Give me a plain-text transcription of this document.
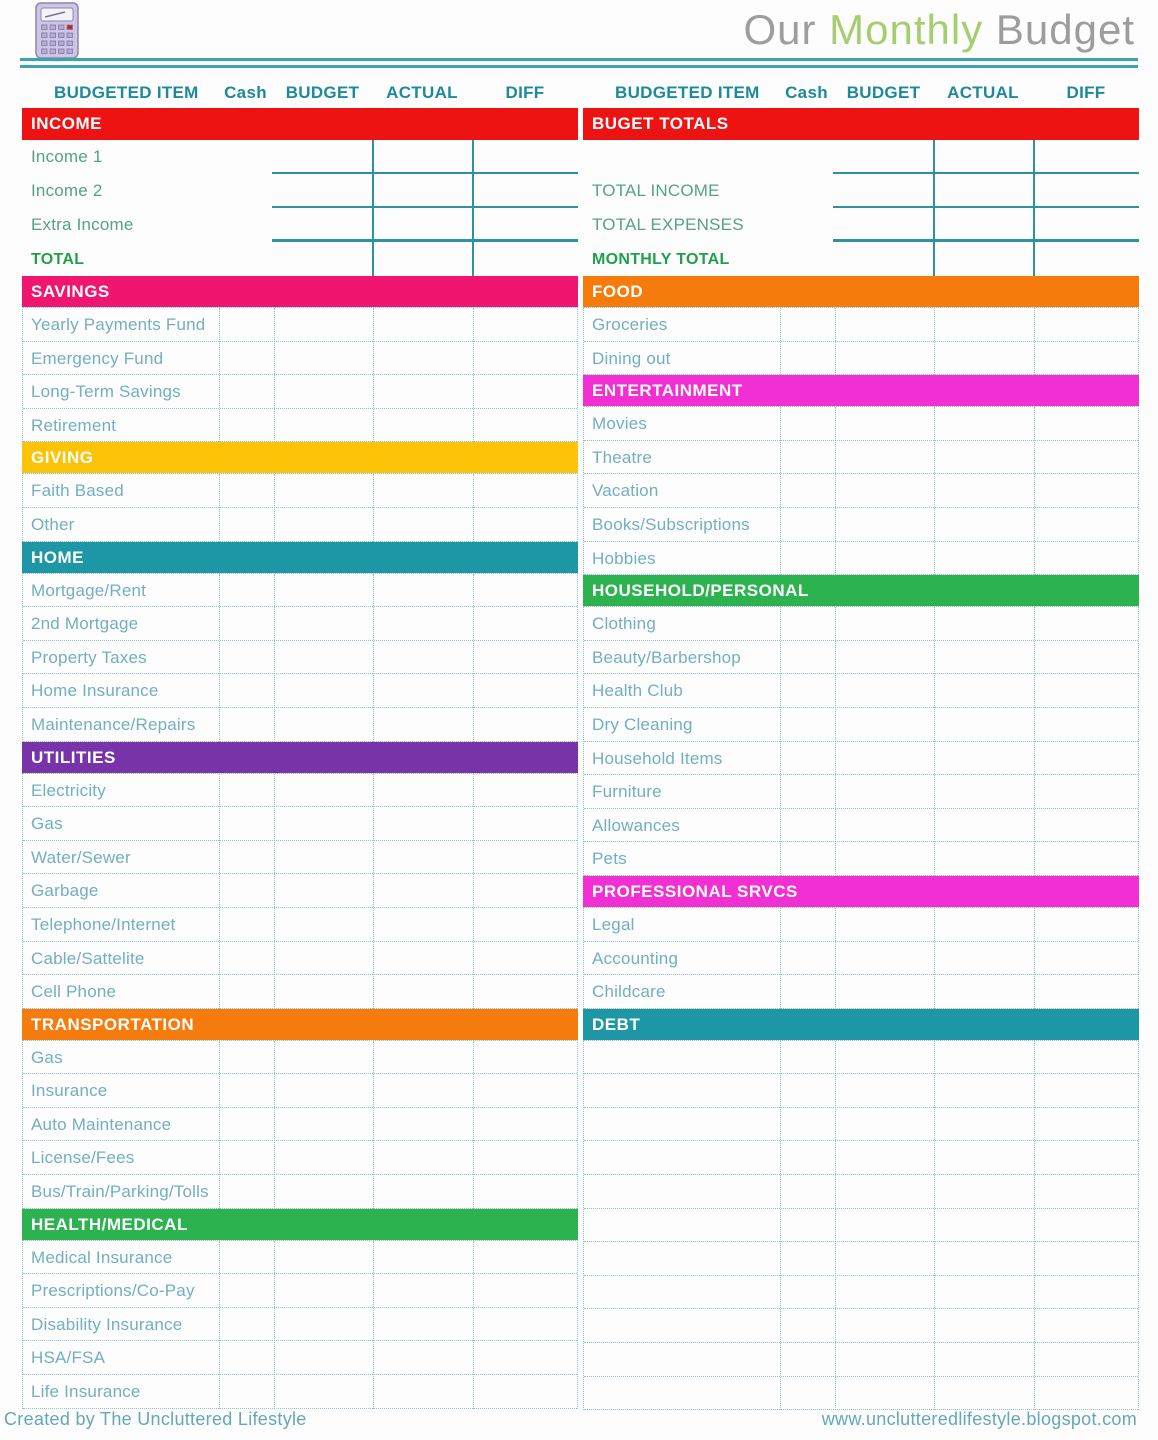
Our Monthly Budget
BUDGETED ITEM	Cash	BUDGET	ACTUAL	DIFF
INCOME
Income 1
Income 2
Extra Income
TOTAL
SAVINGS
Yearly Payments Fund
Emergency Fund
Long-Term Savings
Retirement
GIVING
Faith Based
Other
HOME
Mortgage/Rent
2nd Mortgage
Property Taxes
Home Insurance
Maintenance/Repairs
UTILITIES
Electricity
Gas
Water/Sewer
Garbage
Telephone/Internet
Cable/Sattelite
Cell Phone
TRANSPORTATION
Gas
Insurance
Auto Maintenance
License/Fees
Bus/Train/Parking/Tolls
HEALTH/MEDICAL
Medical Insurance
Prescriptions/Co-Pay
Disability Insurance
HSA/FSA
Life Insurance
BUDGETED ITEM	Cash	BUDGET	ACTUAL	DIFF
BUGET TOTALS
TOTAL INCOME
TOTAL EXPENSES
MONTHLY TOTAL
FOOD
Groceries
Dining out
ENTERTAINMENT
Movies
Theatre
Vacation
Books/Subscriptions
Hobbies
HOUSEHOLD/PERSONAL
Clothing
Beauty/Barbershop
Health Club
Dry Cleaning
Household Items
Furniture
Allowances
Pets
PROFESSIONAL SRVCS
Legal
Accounting
Childcare
DEBT
Created by The Uncluttered Lifestyle	www.unclutteredlifestyle.blogspot.com
